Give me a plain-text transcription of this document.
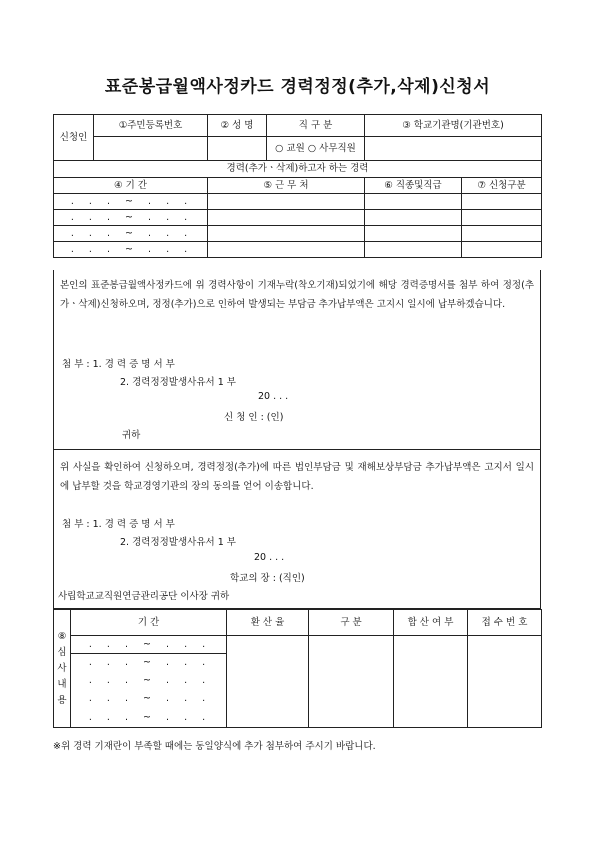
표준봉급월액사정카드 경력정정(추가,삭제)신청서
신청인	①주민등록번호	② 성 명	직 구 분	③ 학교기관명(기관번호)	
			○ 교원 ○ 사무직원		
경력(추가ㆍ삭제)하고자 하는 경력					
④ 기 간		⑤ 근 무 처		⑥ 직종및직급	⑦ 신청구분
.  .  .  ~  .  .  .					
.  .  .  ~  .  .  .					
.  .  .  ~  .  .  .					
.  .  .  ~  .  .  .					
본인의 표준봉급월액사정카드에 위 경력사항이 기재누락(착오기재)되었기에 해당 경력증명서를 첨부 하여 정정(추가ㆍ삭제)신청하오며, 정정(추가)으로 인하여 발생되는 부담금 추가납부액은 고지시 일시에 납부하겠습니다.
첨 부 : 1. 경 력 증 명 서 부
2. 경력정정발생사유서 1 부
20 . . .
신 청 인 : (인)
귀하
위 사실을 확인하여 신청하오며, 경력정정(추가)에 따른 법인부담금 및 재해보상부담금 추가납부액은 고지서 일시에 납부할 것을 학교경영기관의 장의 동의를 얻어 이송합니다.
첨 부 : 1. 경 력 증 명 서 부
2. 경력정정발생사유서 1 부
20 . . .
학교의 장 : (직인)
사립학교교직원연금관리공단 이사장 귀하
⑧
심
사
내
용	기 간	환 산 율	구 분	합 산 여 부	접 수 번 호
	.  .  .  ~  .  .  .				
	.  .  .  ~  .  .  .				
	.  .  .  ~  .  .  .				
	.  .  .  ~  .  .  .				
	.  .  .  ~  .  .  .				
※위 경력 기재란이 부족할 때에는 동일양식에 추가 첨부하여 주시기 바랍니다.
